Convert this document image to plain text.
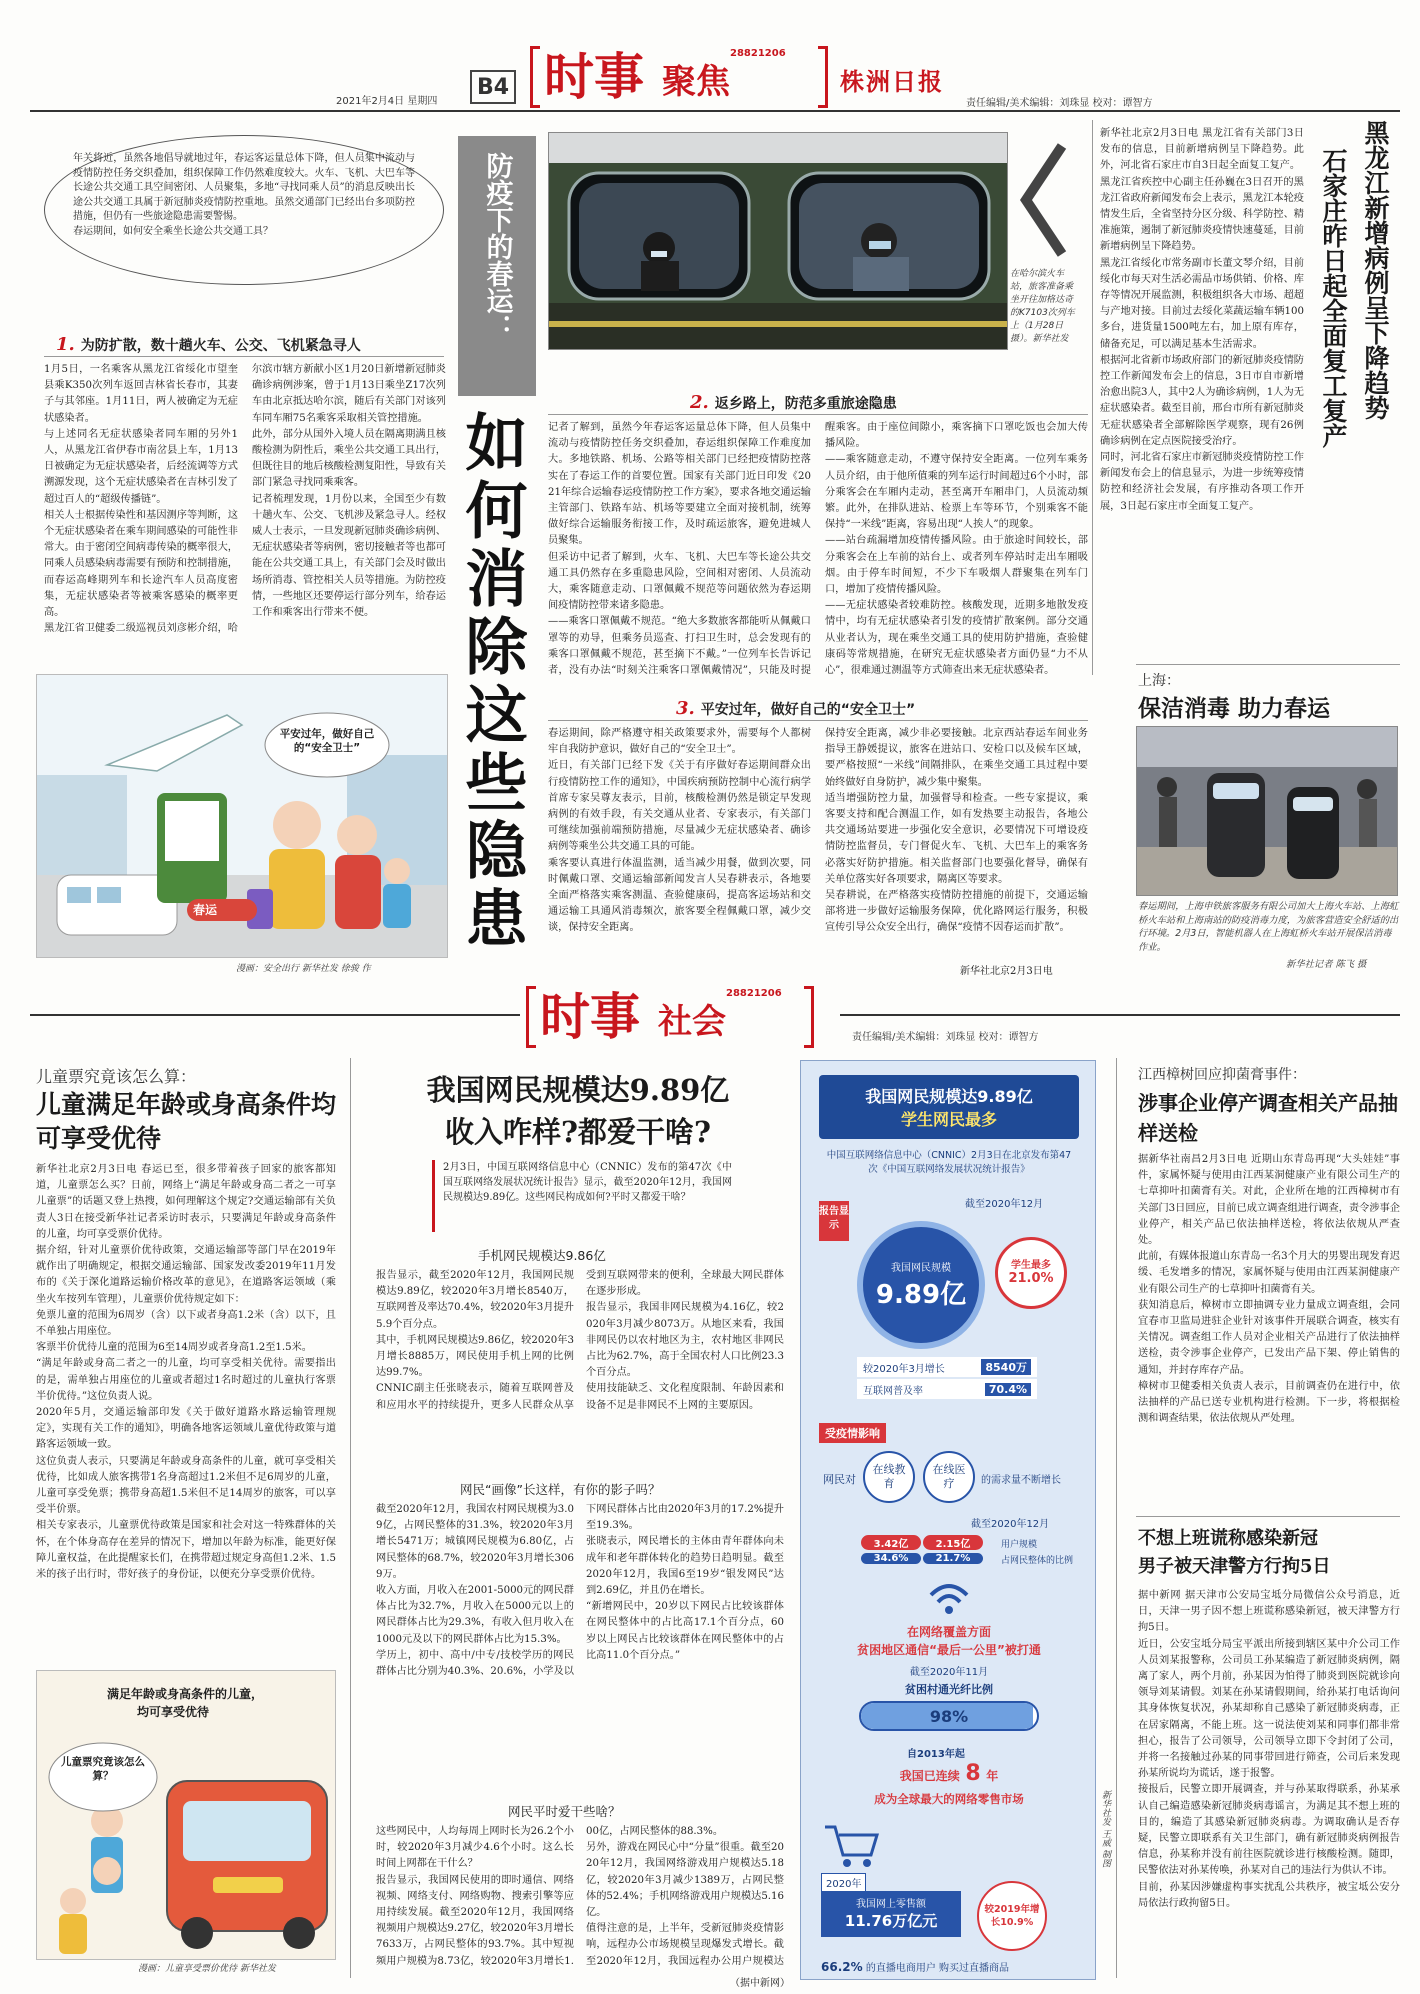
B4
2021年2月4日 星期四 时事 聚焦
28821206
株洲日报
责任编辑/美术编辑：刘珠显 校对：谭智方
年关将近，虽然各地倡导就地过年，春运客运量总体下降，但人员集中流动与疫情防控任务交织叠加，组织保障工作仍然难度较大。火车、飞机、大巴车等长途公共交通工具空间密闭、人员聚集，多地“寻找同乘人员”的消息反映出长途公共交通工具属于新冠肺炎疫情防控重地。虽然交通部门已经出台多项防控措施，但仍有一些旅途隐患需要警惕。
春运期间，如何安全乘坐长途公共交通工具？	防疫下的春运：
如何消除这些隐患
在哈尔滨火车站，旅客准备乘坐开往加格达奇的K7103次列车上（1月28日摄）。新华社发
新华社北京2月3日电 黑龙江省有关部门3日发布的信息，目前新增病例呈下降趋势。此外，河北省石家庄市自3日起全面复工复产。
黑龙江省疾控中心副主任孙巍在3日召开的黑龙江省政府新闻发布会上表示，黑龙江本轮疫情发生后，全省坚持分区分级、科学防控、精准施策，遏制了新冠肺炎疫情快速蔓延，目前新增病例呈下降趋势。
黑龙江省绥化市常务副市长董文琴介绍，目前绥化市每天对生活必需品市场供销、价格、库存等情况开展监测，积极组织各大市场、超超与产地对接。目前过去绥化菜蔬运输车辆100多台，进货量1500吨左右，加上原有库存，储备充足，可以满足基本生活需求。
根据河北省新市场政府部门的新冠肺炎疫情防控工作新闻发布会上的信息，3日市自市新增治愈出院3人，其中2人为确诊病例，1人为无症状感染者。截至目前，邢台市所有新冠肺炎无症状感染者全部解除医学观察，现有26例确诊病例在定点医院接受治疗。
同时，河北省石家庄市新冠肺炎疫情防控工作新闻发布会上的信息显示，为进一步统筹疫情防控和经济社会发展，有序推动各项工作开展，3日起石家庄市全面复工复产。
黑龙江新增病例呈下降趋势
石家庄昨日起全面复工复产
上海：
保洁消毒 助力春运
春运期间，上海申铁旅客服务有限公司加大上海火车站、上海虹桥火车站和上海南站的防疫消毒力度，为旅客营造安全舒适的出行环境。2月3日，智能机器人在上海虹桥火车站开展保洁消毒作业。
新华社记者 陈飞 摄
1. 为防扩散，数十趟火车、公交、飞机紧急寻人
1月5日，一名乘客从黑龙江省绥化市望奎县乘K350次列车返回吉林省长春市，其妻子与其邻座。1月11日，两人被确定为无症状感染者。
与上述同名无症状感染者同车厢的另外1人，从黑龙江省伊春市南岔县上车，1月13日被确定为无症状感染者，后经流调等方式溯源发现，这个无症状感染者在吉林引发了超过百人的“超级传播链”。
相关人士根据传染性和基因测序等判断，这个无症状感染者在乘车期间感染的可能性非常大。由于密闭空间病毒传染的概率很大，同乘人员感染病毒需要有预防和控制措施，而春运高峰期列车和长途汽车人员高度密集，无症状感染者等被乘客感染的概率更高。
黑龙江省卫健委二级巡视员刘彦彬介绍，哈尔滨市辖方新献小区1月20日新增新冠肺炎确诊病例涉案，曾于1月13日乘坐Z17次列车由北京抵达哈尔滨，随后有关部门对该列车同车厢75名乘客采取相关管控措施。
此外，部分从国外入境人员在隔离期满且核酸检测为阴性后，乘坐公共交通工具出行，但既往目的地后核酸检测复阳性，导致有关部门紧急寻找同乘乘客。
记者梳理发现，1月份以来，全国至少有数十趟火车、公交、飞机涉及紧急寻人。经权威人士表示，一旦发现新冠肺炎确诊病例、无症状感染者等病例，密切接触者等也都可能在公共交通工具上，有关部门会及时做出场所消毒、管控相关人员等措施。为防控疫情，一些地区还要停运行部分列车，给春运工作和乘客出行带来不便。
平安过年，做好自己的“安全卫士”
春运
漫画：安全出行 新华社发 徐骏 作
2. 返乡路上，防范多重旅途隐患
记者了解到，虽然今年春运客运量总体下降，但人员集中流动与疫情防控任务交织叠加，春运组织保障工作难度加大。多地铁路、机场、公路等相关部门已经把疫情防控落实在了春运工作的首要位置。国家有关部门近日印发《2021年综合运输春运疫情防控工作方案》，要求各地交通运输主管部门、铁路车站、机场等要建立全面对接机制，统筹做好综合运输服务衔接工作，及时疏运旅客，避免进城人员聚集。
但采访中记者了解到，火车、飞机、大巴车等长途公共交通工具仍然存在多重隐患风险，空间相对密闭、人员流动大，乘客随意走动、口罩佩戴不规范等问题依然为春运期间疫情防控带来诸多隐患。
——乘客口罩佩戴不规范。“绝大多数旅客都能听从佩戴口罩等的劝导，但乘务员巡查、打扫卫生时，总会发现有的乘客口罩佩戴不规范，甚至摘下不戴。”一位列车长告诉记者，没有办法“时刻关注乘客口罩佩戴情况”，只能及时提醒乘客。由于座位间隙小，乘客摘下口罩吃饭也会加大传播风险。
——乘客随意走动，不遵守保持安全距离。一位列车乘务人员介绍，由于他所值乘的列车运行时间超过6个小时，部分乘客会在车厢内走动，甚至离开车厢串门，人员流动频繁。此外，在排队进站、检票上车等环节，个别乘客不能保持“一米线”距离，容易出现“人挨人”的现象。
——站台疏漏增加疫情传播风险。由于旅途时间较长，部分乘客会在上车前的站台上、或者列车停站时走出车厢吸烟。由于停车时间短，不少下车吸烟人群聚集在列车门口，增加了疫情传播风险。
——无症状感染者较难防控。核酸发现，近期多地散发疫情中，均有无症状感染者引发的疫情扩散案例。部分交通从业者认为，现在乘坐交通工具的使用防护措施，查验健康码等常规措施，在研究无症状感染者方面仍显“力不从心”，很难通过测温等方式筛查出来无症状感染者。
3. 平安过年，做好自己的“安全卫士”
春运期间，除严格遵守相关政策要求外，需要每个人都树牢自我防护意识，做好自己的“安全卫士”。
近日，有关部门已经下发《关于有序做好春运期间群众出行疫情防控工作的通知》，中国疾病预防控制中心流行病学首席专家吴尊友表示，目前，核酸检测仍然是锁定早发现病例的有效手段，有关交通从业者、专家表示，有关部门可继续加强前端预防措施，尽量减少无症状感染者、确诊病例等乘坐公共交通工具的可能。
乘客要认真进行体温监测，适当减少用餐，做到次要，同时佩戴口罩、交通运输部新闻发言人吴春耕表示，各地要全面严格落实乘客测温、查验健康码，提高客运场站和交通运输工具通风消毒频次，旅客要全程佩戴口罩，减少交谈，保持安全距离。
保持安全距离，减少非必要接触。北京西站春运车间业务指导王静媛提议，旅客在进站口、安检口以及候车区域，要严格按照“一米线”间隔排队，在乘坐交通工具过程中要始终做好自身防护，减少集中聚集。
适当增强防控力量，加强督导和检查。一些专家提议，乘客要支持和配合测温工作，如有发热要主动报告，各地公共交通场站要进一步强化安全意识，必要情况下可增设疫情防控监督员，专门督促火车、飞机、大巴车上的乘客务必落实好防护措施。相关监督部门也要强化督导，确保有关单位落实好各项要求，隔离区等要求。
吴春耕说，在严格落实疫情防控措施的前提下，交通运输部将进一步做好运输服务保障，优化路网运行服务，积极宣传引导公众安全出行，确保“疫情不因春运而扩散”。
新华社北京2月3日电
时事 社会
28821206
责任编辑/美术编辑：刘珠显 校对：谭智方
儿童票究竟该怎么算：
儿童满足年龄或身高条件均可享受优待
新华社北京2月3日电 春运已至，很多带着孩子回家的旅客都知道，儿童票怎么买？日前，网络上“满足年龄或身高二者之一可享儿童票”的话题又登上热搜，如何理解这个规定?交通运输部有关负责人3日在接受新华社记者采访时表示，只要满足年龄或身高条件的儿童，均可享受票价优待。
据介绍，针对儿童票价优待政策，交通运输部等部门早在2019年就作出了明确规定，根据交通运输部、国家发改委2019年11月发布的《关于深化道路运输价格改革的意见》，在道路客运领域（乘坐火车按列车管理），儿童票价优待规定如下：
免票儿童的范围为6周岁（含）以下或者身高1.2米（含）以下，且不单独占用座位。
客票半价优待儿童的范围为6至14周岁或者身高1.2至1.5米。
“满足年龄或身高二者之一的儿童，均可享受相关优待。需要指出的是，需单独占用座位的儿童或者超过1名时超过的儿童执行客票半价优待。”这位负责人说。
2020年5月，交通运输部印发《关于做好道路水路运输管理规定》，实现有关工作的通知》，明确各地客运领域儿童优待政策与道路客运领域一致。
这位负责人表示，只要满足年龄或身高条件的儿童，就可享受相关优待，比如成人旅客携带1名身高超过1.2米但不足6周岁的儿童，儿童可享受免票；携带身高超1.5米但不足14周岁的旅客，可以享受半价票。
相关专家表示，儿童票优待政策是国家和社会对这一特殊群体的关怀，在个体身高存在差异的情况下，增加以年龄为标准，能更好保障儿童权益，在此提醒家长们，在携带超过规定身高但1.2米、1.5米的孩子出行时，带好孩子的身份证，以便充分享受票价优待。
满足年龄或身高条件的儿童，
均可享受优待
儿童票究竟该怎么算？
漫画：儿童享受票价优待 新华社发
我国网民规模达9.89亿
收入咋样?都爱干啥?
2月3日，中国互联网络信息中心（CNNIC）发布的第47次《中国互联网络发展状况统计报告》显示，截至2020年12月，我国网民规模达9.89亿。这些网民构成如何?平时又都爱干啥？
手机网民规模达9.86亿
报告显示，截至2020年12月，我国网民规模达9.89亿，较2020年3月增长8540万，互联网普及率达70.4%，较2020年3月提升5.9个百分点。
其中，手机网民规模达9.86亿，较2020年3月增长8885万，网民使用手机上网的比例达99.7%。
CNNIC副主任张晓表示，随着互联网普及和应用水平的持续提升，更多人民群众从享受到互联网带来的便利，全球最大网民群体在逐步形成。
报告显示，我国非网民规模为4.16亿，较2020年3月减少8073万。从地区来看，我国非网民仍以农村地区为主，农村地区非网民占比为62.7%，高于全国农村人口比例23.3个百分点。
使用技能缺乏、文化程度限制、年龄因素和设备不足是非网民不上网的主要原因。
网民“画像”长这样，有你的影子吗？
截至2020年12月，我国农村网民规模为3.09亿，占网民整体的31.3%，较2020年3月增长5471万；城镇网民规模为6.80亿，占网民整体的68.7%，较2020年3月增长3069万。
收入方面，月收入在2001-5000元的网民群体占比为32.7%，月收入在5000元以上的网民群体占比为29.3%，有收入但月收入在1000元及以下的网民群体占比为15.3%。
学历上，初中、高中/中专/技校学历的网民群体占比分别为40.3%、20.6%，小学及以下网民群体占比由2020年3月的17.2%提升至19.3%。
张晓表示，网民增长的主体由青年群体向未成年和老年群体转化的趋势日趋明显。截至2020年12月，我国6至19岁“银发网民”达到2.69亿，并且仍在增长。
“新增网民中，20岁以下网民占比较该群体在网民整体中的占比高17.1个百分点，60岁以上网民占比较该群体在网民整体中的占比高11.0个百分点。”
网民平时爱干些啥？
这些网民中，人均每周上网时长为26.2个小时，较2020年3月减少4.6个小时。这么长时间上网都在干什么？
报告显示，我国网民使用的即时通信、网络视频、网络支付、网络购物、搜索引擎等应用持续发展。截至2020年12月，我国网络视频用户规模达9.27亿，较2020年3月增长7633万，占网民整体的93.7%。其中短视频用户规模为8.73亿，较2020年3月增长1.00亿，占网民整体的88.3%。
另外，游戏在网民心中“分量”很重。截至2020年12月，我国网络游戏用户规模达5.18亿，较2020年3月减少1389万，占网民整体的52.4%；手机网络游戏用户规模达5.16亿。
值得注意的是，上半年，受新冠肺炎疫情影响，远程办公市场规模呈现爆发式增长。截至2020年12月，我国远程办公用户规模达

（据中新网）
我国网民规模达9.89亿
学生网民最多
中国互联网络信息中心（CNNIC）2月3日在北京发布第47次《中国互联网络发展状况统计报告》
报告显示
截至2020年12月
我国网民规模
9.89亿
学生最多
21.0%
较2020年3月增长	8540万
互联网普及率	70.4%
受疫情影响
网民对
在线教育
在线医疗	的需求量不断增长
截至2020年12月
3.42亿
34.6%
2.15亿
21.7%
用户规模
占网民整体的比例
在网络覆盖方面
贫困地区通信“最后一公里”被打通
截至2020年11月
贫困村通光纤比例
98%
自2013年起
我国已连续 8 年
成为全球最大的网络零售市场
2020年
我国网上零售额
11.76万亿元
较2019年增长10.9%
66.2% 的直播电商用户 购买过直播商品
新华社发 王威 制图
江西樟树回应抑菌膏事件：
涉事企业停产调查相关产品抽样送检
据新华社南昌2月3日电 近期山东青岛再现“大头娃娃”事件，家属怀疑与使用由江西某洞健康产业有限公司生产的七草抑叶扣菌膏有关。对此，企业所在地的江西樟树市有关部门3日回应，目前已成立调查组进行调查，责令涉事企业停产，相关产品已依法抽样送检，将依法依规从严查处。
此前，有媒体报道山东青岛一名3个月大的男婴出现发育迟缓、毛发增多的情况，家属怀疑与使用由江西某洞健康产业有限公司生产的七草抑叶扣菌膏有关。
获知消息后，樟树市立即抽调专业力量成立调查组，会同宜春市卫监局进驻企业针对该事件开展联合调查，核实有关情况。调查组工作人员对企业相关产品进行了依法抽样送检，责令涉事企业停产，已发出产品下架、停止销售的通知，并封存库存产品。
樟树市卫健委相关负责人表示，目前调查仍在进行中，依法抽样的产品已送专业机构进行检测。下一步，将根据检测和调查结果，依法依规从严处理。
不想上班谎称感染新冠
男子被天津警方行拘5日
据中新网 据天津市公安局宝坻分局微信公众号消息，近日，天津一男子因不想上班谎称感染新冠，被天津警方行拘5日。
近日，公安宝坻分局宝平派出所接到辖区某中介公司工作人员刘某报警称，公司员工孙某编造了新冠肺炎病例，隔离了家人，两个月前，孙某因为怕得了肺炎到医院就诊向领导刘某请假。刘某在孙某请假期间，给孙某打电话询问其身体恢复状况，孙某却称自己感染了新冠肺炎病毒，正在居家隔离，不能上班。这一说法使刘某和同事们都非常担心，报告了公司领导，公司领导立即下令封闭了公司，并将一名接触过孙某的同事带回进行筛查，公司后来发现孙某所说均为谎话，遂于报警。
接报后，民警立即开展调查，并与孙某取得联系，孙某承认自己编造感染新冠肺炎病毒谣言，为满足其不想上班的目的，编造了其感染新冠肺炎病毒。为调取确认是否存疑，民警立即联系有关卫生部门，确有新冠肺炎病例报告信息，孙某称并没有前往医院就诊进行核酸检测。随即，民警依法对孙某传唤，孙某对自己的违法行为供认不讳。
目前，孙某因涉嫌虚构事实扰乱公共秩序，被宝坻公安分局依法行政拘留5日。
